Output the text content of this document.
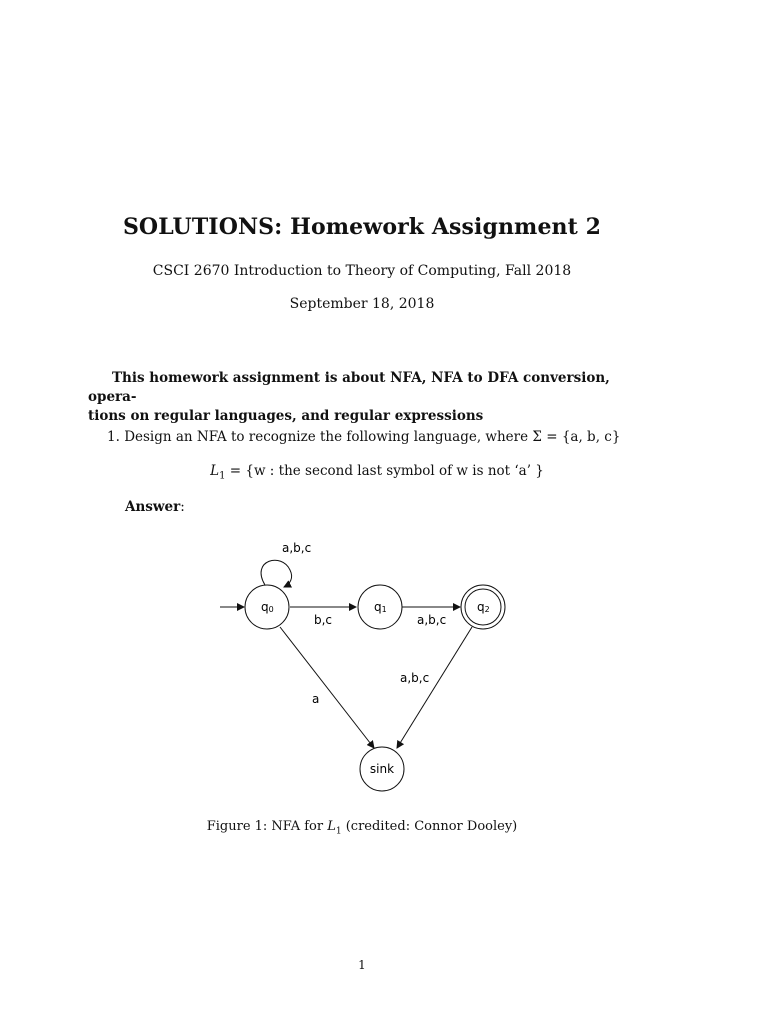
SOLUTIONS: Homework Assignment 2
CSCI 2670 Introduction to Theory of Computing, Fall 2018
September 18, 2018
This homework assignment is about NFA, NFA to DFA conversion, opera-
tions on regular languages, and regular expressions
1. Design an NFA to recognize the following language, where Σ = {a, b, c}
$L_1 = \{w$ : the second last symbol of w is not ‘a’ }
Answer:
a,b,c
b,c	a,b,c
a
a,b,c
q0	q1	q2
sink
Figure 1: NFA for $L_1$ (credited: Connor Dooley)
1
